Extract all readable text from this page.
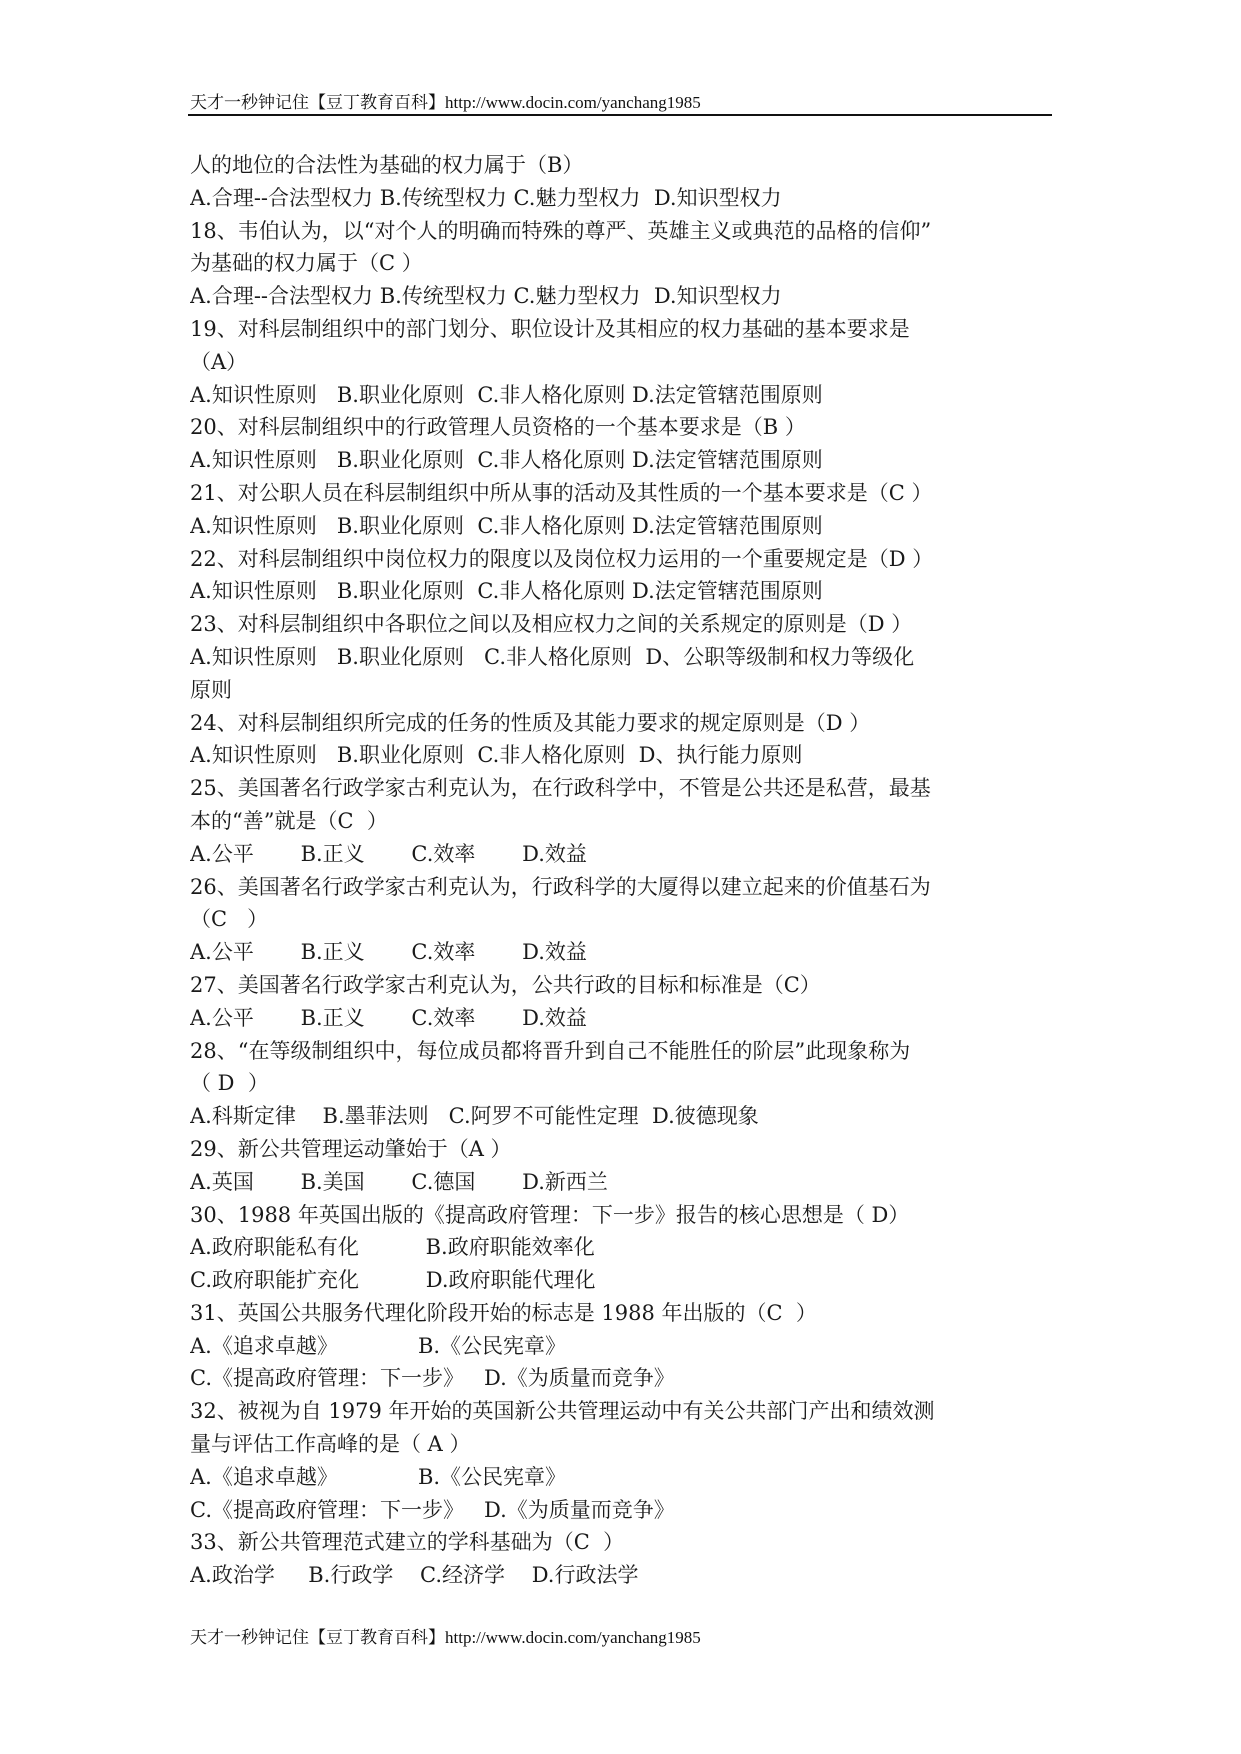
天才一秒钟记住【豆丁教育百科】http://www.docin.com/yanchang1985
人的地位的合法性为基础的权力属于（B）
A.合理--合法型权力 B.传统型权力 C.魅力型权力  D.知识型权力
18、韦伯认为，以“对个人的明确而特殊的尊严、英雄主义或典范的品格的信仰”
为基础的权力属于（C ）
A.合理--合法型权力 B.传统型权力 C.魅力型权力  D.知识型权力
19、对科层制组织中的部门划分、职位设计及其相应的权力基础的基本要求是
（A）
A.知识性原则   B.职业化原则  C.非人格化原则 D.法定管辖范围原则
20、对科层制组织中的行政管理人员资格的一个基本要求是（B ）
A.知识性原则   B.职业化原则  C.非人格化原则 D.法定管辖范围原则
21、对公职人员在科层制组织中所从事的活动及其性质的一个基本要求是（C ）
A.知识性原则   B.职业化原则  C.非人格化原则 D.法定管辖范围原则
22、对科层制组织中岗位权力的限度以及岗位权力运用的一个重要规定是（D ）
A.知识性原则   B.职业化原则  C.非人格化原则 D.法定管辖范围原则
23、对科层制组织中各职位之间以及相应权力之间的关系规定的原则是（D ）
A.知识性原则   B.职业化原则   C.非人格化原则  D、公职等级制和权力等级化
原则
24、对科层制组织所完成的任务的性质及其能力要求的规定原则是（D ）
A.知识性原则   B.职业化原则  C.非人格化原则  D、执行能力原则
25、美国著名行政学家古利克认为，在行政科学中，不管是公共还是私营，最基
本的“善”就是（C  ）
A.公平       B.正义       C.效率       D.效益
26、美国著名行政学家古利克认为，行政科学的大厦得以建立起来的价值基石为
（C   ）
A.公平       B.正义       C.效率       D.效益
27、美国著名行政学家古利克认为，公共行政的目标和标准是（C）
A.公平       B.正义       C.效率       D.效益
28、“在等级制组织中，每位成员都将晋升到自己不能胜任的阶层”此现象称为
（ D  ）
A.科斯定律    B.墨菲法则   C.阿罗不可能性定理  D.彼德现象
29、新公共管理运动肇始于（A ）
A.英国       B.美国       C.德国       D.新西兰
30、1988 年英国出版的《提高政府管理：下一步》报告的核心思想是（ D）
A.政府职能私有化          B.政府职能效率化
C.政府职能扩充化          D.政府职能代理化
31、英国公共服务代理化阶段开始的标志是 1988 年出版的（C  ）
A.《追求卓越》            B.《公民宪章》
C.《提高政府管理：下一步》   D.《为质量而竞争》
32、被视为自 1979 年开始的英国新公共管理运动中有关公共部门产出和绩效测
量与评估工作高峰的是（ A ）
A.《追求卓越》            B.《公民宪章》
C.《提高政府管理：下一步》   D.《为质量而竞争》
33、新公共管理范式建立的学科基础为（C  ）
A.政治学     B.行政学    C.经济学    D.行政法学
天才一秒钟记住【豆丁教育百科】http://www.docin.com/yanchang1985
